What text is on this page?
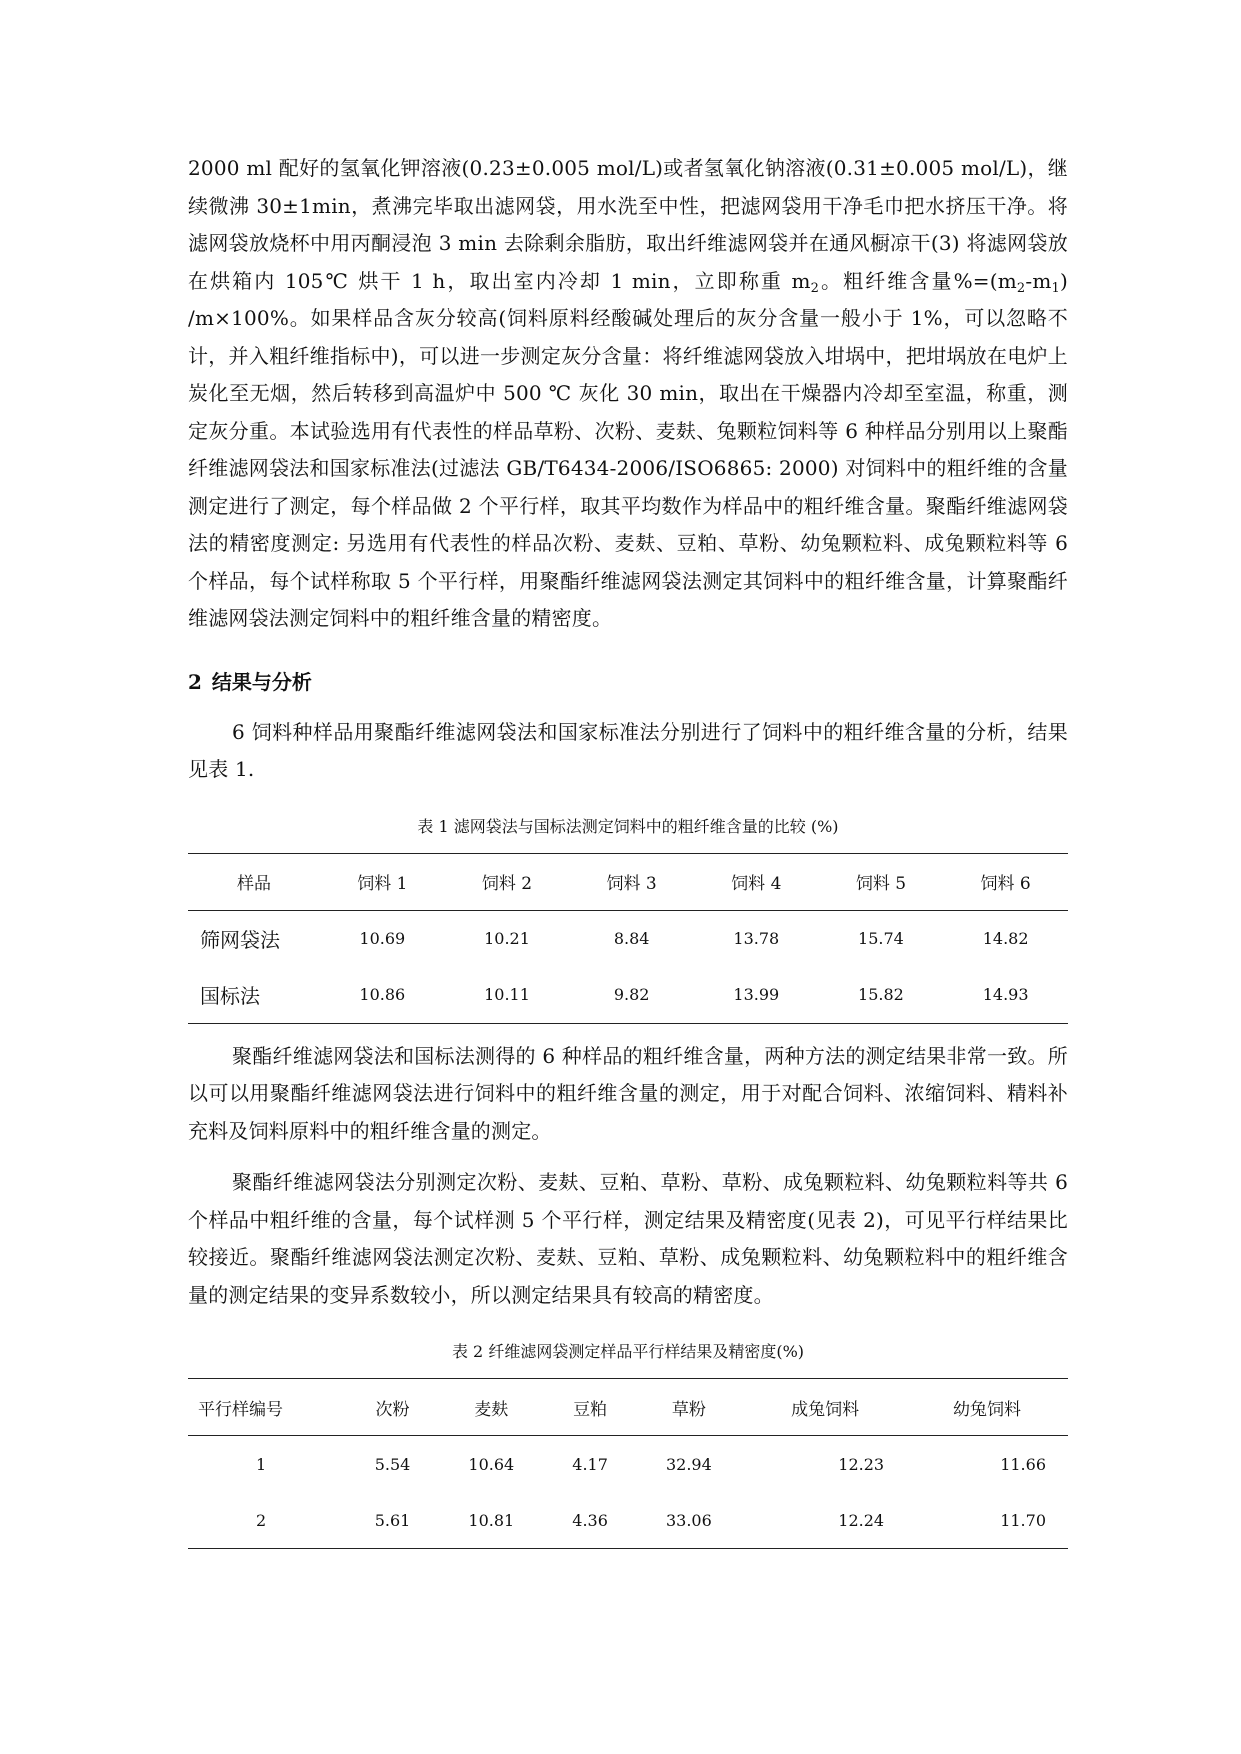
2000 ml 配好的氢氧化钾溶液(0.23±0.005 mol/L)或者氢氧化钠溶液(0.31±0.005 mol/L)，继续微沸 30±1min，煮沸完毕取出滤网袋，用水洗至中性，把滤网袋用干净毛巾把水挤压干净。将滤网袋放烧杯中用丙酮浸泡 3 min 去除剩余脂肪，取出纤维滤网袋并在通风橱凉干(3) 将滤网袋放在烘箱内 105℃ 烘干 1 h，取出室内冷却 1 min，立即称重 $m_2$。粗纤维含量$\%=(m_2-m_1)$ /m×100%。如果样品含灰分较高(饲料原料经酸碱处理后的灰分含量一般小于 1%，可以忽略不计，并入粗纤维指标中)，可以进一步测定灰分含量：将纤维滤网袋放入坩埚中，把坩埚放在电炉上炭化至无烟，然后转移到高温炉中 500 ℃ 灰化 30 min，取出在干燥器内冷却至室温，称重，测定灰分重。本试验选用有代表性的样品草粉、次粉、麦麸、兔颗粒饲料等 6 种样品分别用以上聚酯纤维滤网袋法和国家标准法(过滤法 GB/T6434-2006/ISO6865: 2000) 对饲料中的粗纤维的含量测定进行了测定，每个样品做 2 个平行样，取其平均数作为样品中的粗纤维含量。聚酯纤维滤网袋法的精密度测定: 另选用有代表性的样品次粉、麦麸、豆粕、草粉、幼兔颗粒料、成兔颗粒料等 6 个样品，每个试样称取 5 个平行样，用聚酯纤维滤网袋法测定其饲料中的粗纤维含量，计算聚酯纤维滤网袋法测定饲料中的粗纤维含量的精密度。

2 结果与分析

6 饲料种样品用聚酯纤维滤网袋法和国家标准法分别进行了饲料中的粗纤维含量的分析，结果见表 1.

表 1 滤网袋法与国标法测定饲料中的粗纤维含量的比较 (%)
样品	饲料 1	饲料 2	饲料 3	饲料 4	饲料 5	饲料 6
筛网袋法	10.69	10.21	8.84	13.78	15.74	14.82
国标法	10.86	10.11	9.82	13.99	15.82	14.93

聚酯纤维滤网袋法和国标法测得的 6 种样品的粗纤维含量，两种方法的测定结果非常一致。所以可以用聚酯纤维滤网袋法进行饲料中的粗纤维含量的测定，用于对配合饲料、浓缩饲料、精料补充料及饲料原料中的粗纤维含量的测定。

聚酯纤维滤网袋法分别测定次粉、麦麸、豆粕、草粉、草粉、成兔颗粒料、幼兔颗粒料等共 6 个样品中粗纤维的含量，每个试样测 5 个平行样，测定结果及精密度(见表 2)，可见平行样结果比较接近。聚酯纤维滤网袋法测定次粉、麦麸、豆粕、草粉、成兔颗粒料、幼兔颗粒料中的粗纤维含量的测定结果的变异系数较小，所以测定结果具有较高的精密度。

表 2 纤维滤网袋测定样品平行样结果及精密度(%)
平行样编号	次粉	麦麸	豆粕	草粉	成兔饲料	幼兔饲料
1	5.54	10.64	4.17	32.94	12.23	11.66
2	5.61	10.81	4.36	33.06	12.24	11.70
